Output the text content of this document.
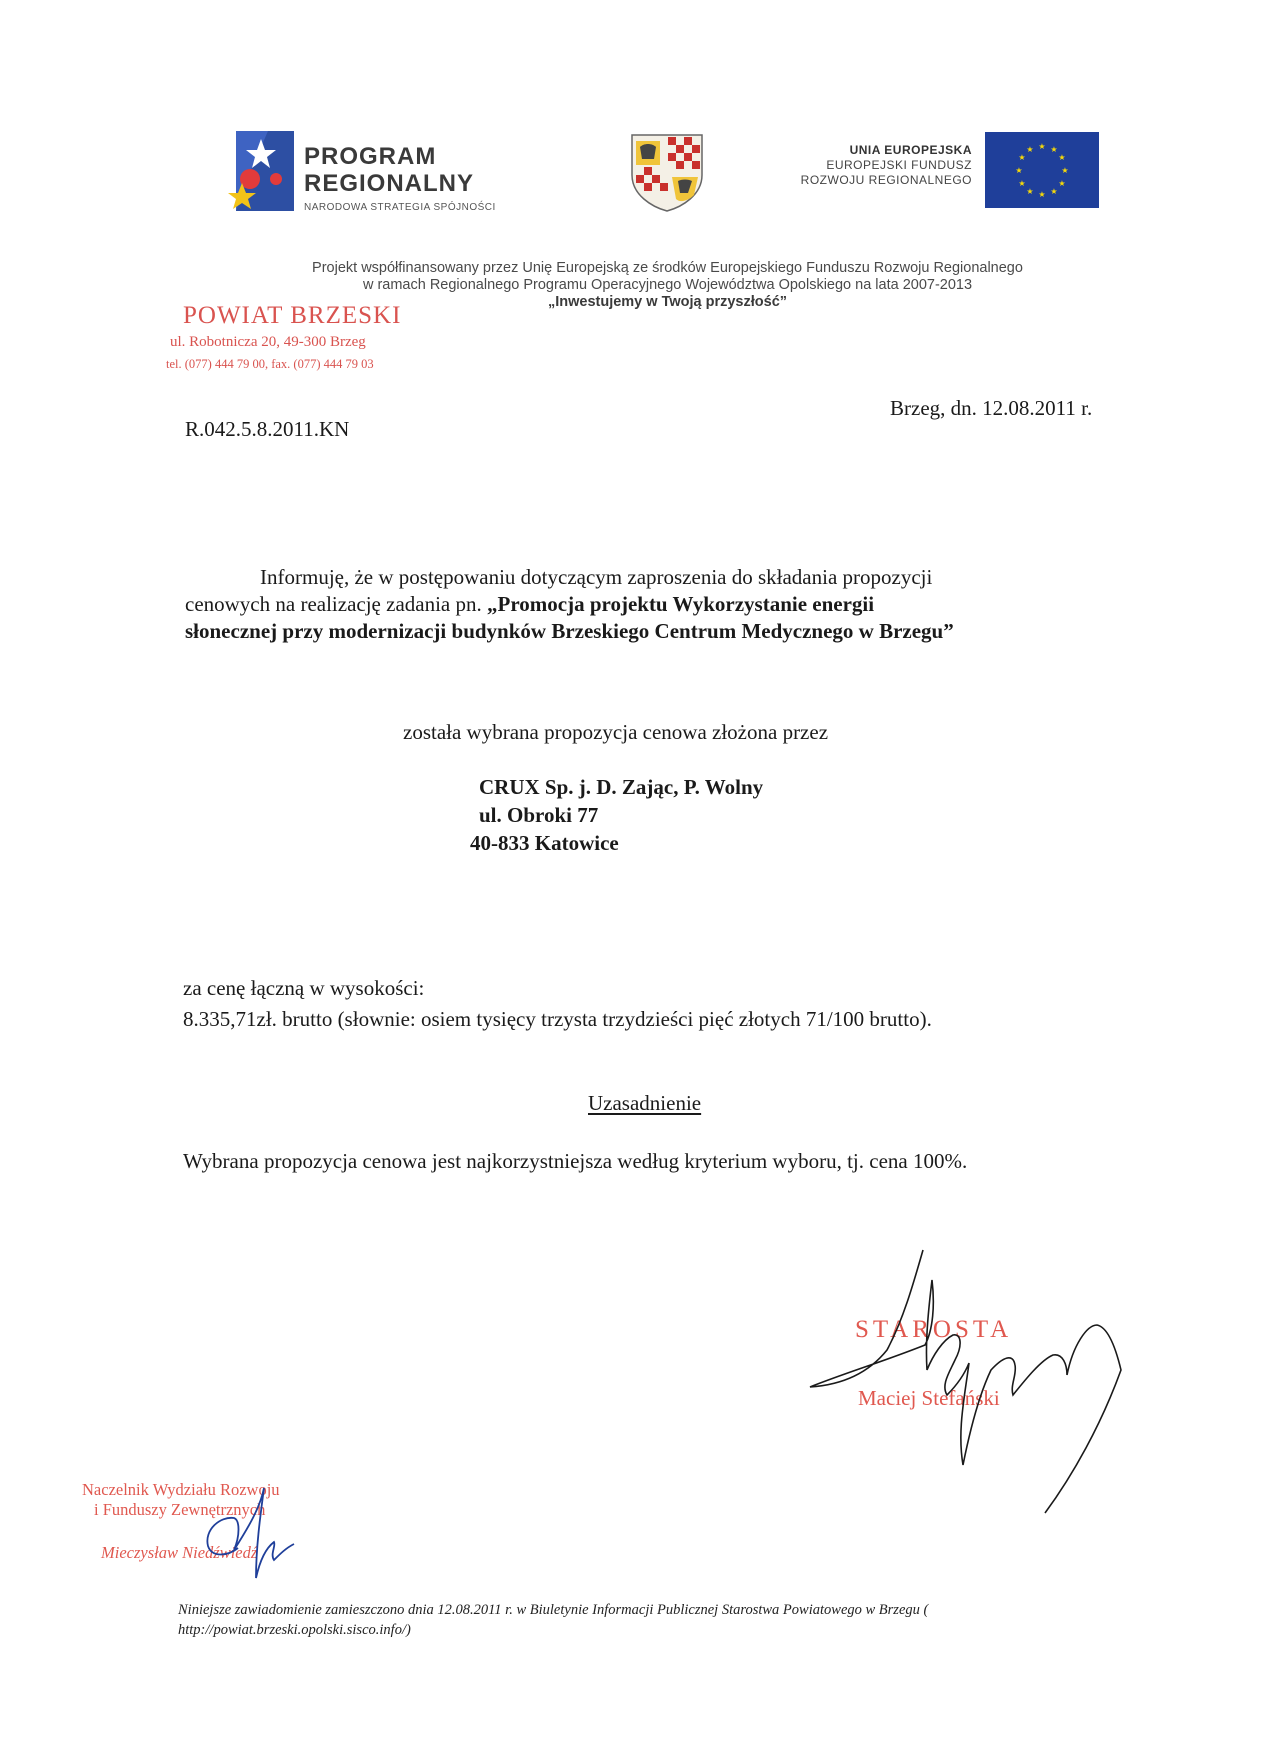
PROGRAM
REGIONALNY
NARODOWA STRATEGIA SPÓJNOŚCI
UNIA EUROPEJSKA
EUROPEJSKI FUNDUSZ
ROZWOJU REGIONALNEGO
★ ★
★
★
★
★
★
★
★
★
★
★
Projekt współfinansowany przez Unię Europejską ze środków Europejskiego Funduszu Rozwoju Regionalnego
w ramach Regionalnego Programu Operacyjnego Województwa Opolskiego na lata 2007-2013
„Inwestujemy w Twoją przyszłość”
POWIAT BRZESKI
ul. Robotnicza 20, 49-300 Brzeg
tel. (077) 444 79 00, fax. (077) 444 79 03
Brzeg, dn. 12.08.2011 r.
R.042.5.8.2011.KN
Informuję, że w postępowaniu dotyczącym zaproszenia do składania propozycji
cenowych na realizację zadania pn. „Promocja projektu Wykorzystanie energii
słonecznej przy modernizacji budynków Brzeskiego Centrum Medycznego w Brzegu”
została wybrana propozycja cenowa złożona przez
CRUX Sp. j. D. Zając, P. Wolny
ul. Obroki 77
40-833 Katowice
za cenę łączną w wysokości:
8.335,71zł. brutto (słownie: osiem tysięcy trzysta trzydzieści pięć złotych 71/100 brutto).
Uzasadnienie
Wybrana propozycja cenowa jest najkorzystniejsza według kryterium wyboru, tj. cena 100%.
STAROSTA
Maciej Stefański
Naczelnik Wydziału Rozwoju
i Funduszy Zewnętrznych
Mieczysław Niedźwiedź
Niniejsze zawiadomienie zamieszczono dnia 12.08.2011 r. w Biuletynie Informacji Publicznej Starostwa Powiatowego w Brzegu ( http://powiat.brzeski.opolski.sisco.info/)
